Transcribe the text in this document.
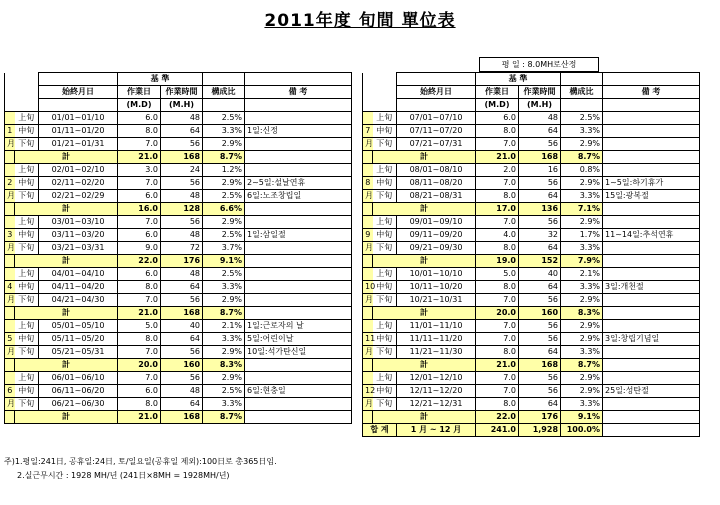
2011年度 旬間 單位表
평 일 : 8.0MH로산정
			基 準			
		始終月日	作業日	作業時間	構成比	備 考
			(M.D)	(M.H)		
	上旬	01/01~01/10	6.0	48	2.5%	
1	中旬	01/11~01/20	8.0	64	3.3%	1일:신정
月	下旬	01/21~01/31	7.0	56	2.9%	
	計		21.0	168	8.7%	
	上旬	02/01~02/10	3.0	24	1.2%	
2	中旬	02/11~02/20	7.0	56	2.9%	2~5일:설날연휴
月	下旬	02/21~02/29	6.0	48	2.5%	6일:노조창립일
	計		16.0	128	6.6%	
	上旬	03/01~03/10	7.0	56	2.9%	
3	中旬	03/11~03/20	6.0	48	2.5%	1일:삼일절
月	下旬	03/21~03/31	9.0	72	3.7%	
	計		22.0	176	9.1%	
	上旬	04/01~04/10	6.0	48	2.5%	
4	中旬	04/11~04/20	8.0	64	3.3%	
月	下旬	04/21~04/30	7.0	56	2.9%	
	計		21.0	168	8.7%	
	上旬	05/01~05/10	5.0	40	2.1%	1일:근로자의 날
5	中旬	05/11~05/20	8.0	64	3.3%	5일:어린이날
月	下旬	05/21~05/31	7.0	56	2.9%	10일:석가탄신일
	計		20.0	160	8.3%	
	上旬	06/01~06/10	7.0	56	2.9%	
6	中旬	06/11~06/20	6.0	48	2.5%	6일:현충일
月	下旬	06/21~06/30	8.0	64	3.3%	
	計		21.0	168	8.7%	
			基 準			
		始終月日	作業日	作業時間	構成比	備 考
			(M.D)	(M.H)		
	上旬	07/01~07/10	6.0	48	2.5%	
7	中旬	07/11~07/20	8.0	64	3.3%	
月	下旬	07/21~07/31	7.0	56	2.9%	
	計		21.0	168	8.7%	
	上旬	08/01~08/10	2.0	16	0.8%	
8	中旬	08/11~08/20	7.0	56	2.9%	1~5일:하기휴가
月	下旬	08/21~08/31	8.0	64	3.3%	15일:광복절
	計		17.0	136	7.1%	
	上旬	09/01~09/10	7.0	56	2.9%	
9	中旬	09/11~09/20	4.0	32	1.7%	11~14일:추석연휴
月	下旬	09/21~09/30	8.0	64	3.3%	
	計		19.0	152	7.9%	
	上旬	10/01~10/10	5.0	40	2.1%	
10	中旬	10/11~10/20	8.0	64	3.3%	3일:개천절
月	下旬	10/21~10/31	7.0	56	2.9%	
	計		20.0	160	8.3%	
	上旬	11/01~11/10	7.0	56	2.9%	
11	中旬	11/11~11/20	7.0	56	2.9%	3일:창립기념일
月	下旬	11/21~11/30	8.0	64	3.3%	
	計		21.0	168	8.7%	
	上旬	12/01~12/10	7.0	56	2.9%	
12	中旬	12/11~12/20	7.0	56	2.9%	25일:성탄절
月	下旬	12/21~12/31	8.0	64	3.3%	
	計		22.0	176	9.1%	
합 계		1 月 ~ 12 月	241.0	1,928	100.0%	
주)1.평일:241日, 공휴일:24日, 토/일요일(공휴일 제외):100日로 총365日임.
2.실근무시간 : 1928 MH/년 (241日×8MH = 1928MH/년)
